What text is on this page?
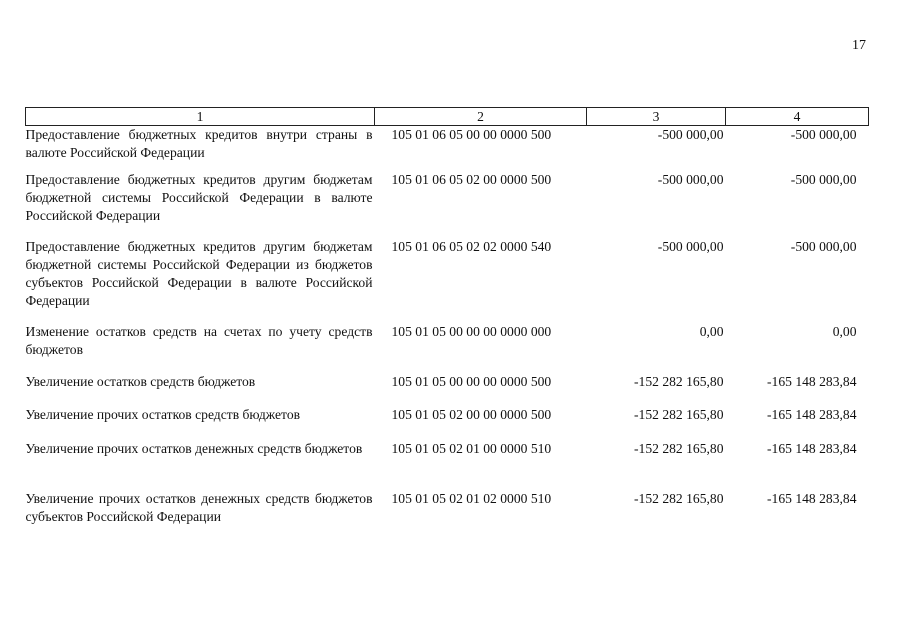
17
1	2	3	4
Предоставление бюджетных кредитов внутри страны в валюте Российской Федерации	105 01 06 05 00 00 0000 500	-500 000,00	-500 000,00
Предоставление бюджетных кредитов другим бюджетам бюджетной системы Российской Федерации в валюте Российской Федерации	105 01 06 05 02 00 0000 500	-500 000,00	-500 000,00
Предоставление бюджетных кредитов другим бюджетам бюджетной системы Российской Федерации из бюджетов субъектов Российской Федерации в валюте Российской Федерации	105 01 06 05 02 02 0000 540	-500 000,00	-500 000,00
Изменение остатков средств на счетах по учету средств бюджетов	105 01 05 00 00 00 0000 000	0,00	0,00
Увеличение остатков средств бюджетов	105 01 05 00 00 00 0000 500	-152 282 165,80	-165 148 283,84
Увеличение прочих остатков средств бюджетов	105 01 05 02 00 00 0000 500	-152 282 165,80	-165 148 283,84
Увеличение прочих остатков денежных средств бюджетов	105 01 05 02 01 00 0000 510	-152 282 165,80	-165 148 283,84
Увеличение прочих остатков денежных средств бюджетов субъектов Российской Федерации	105 01 05 02 01 02 0000 510	-152 282 165,80	-165 148 283,84
